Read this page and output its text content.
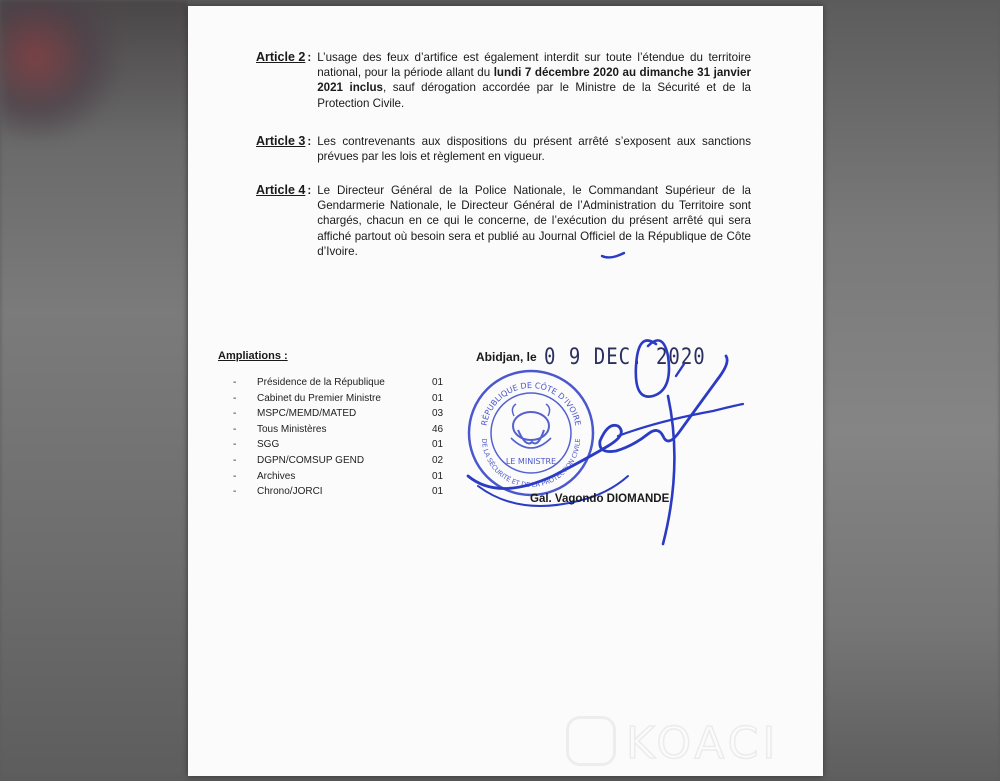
Article 2 : L’usage des feux d’artifice est également interdit sur toute l’étendue du territoire national, pour la période allant du lundi 7 décembre 2020 au dimanche 31 janvier 2021 inclus, sauf dérogation accordée par le Ministre de la Sécurité et de la Protection Civile.
Article 3 : Les contrevenants aux dispositions du présent arrêté s’exposent aux sanctions prévues par les lois et règlement en vigueur.
Article 4 : Le Directeur Général de la Police Nationale, le Commandant Supérieur de la Gendarmerie Nationale, le Directeur Général de l’Administration du Territoire sont chargés, chacun en ce qui le concerne, de l’exécution du présent arrêté qui sera affiché partout où besoin sera et publié au Journal Officiel de la République de Côte d’Ivoire.
Ampliations :
- Présidence de la République	01
- Cabinet du Premier Ministre	01
- MSPC/MEMD/MATED	03
- Tous Ministères	46
- SGG	01
- DGPN/COMSUP GEND	02
- Archives	01
- Chrono/JORCI	01
Abidjan, le 0 9 DEC. 2020
RÉPUBLIQUE DE CÔTE D’IVOIRE
DE LA SÉCURITÉ ET DE LA PROTECTION CIVILE
LE MINISTRE
Gal. Vagondo DIOMANDE
KOACI
